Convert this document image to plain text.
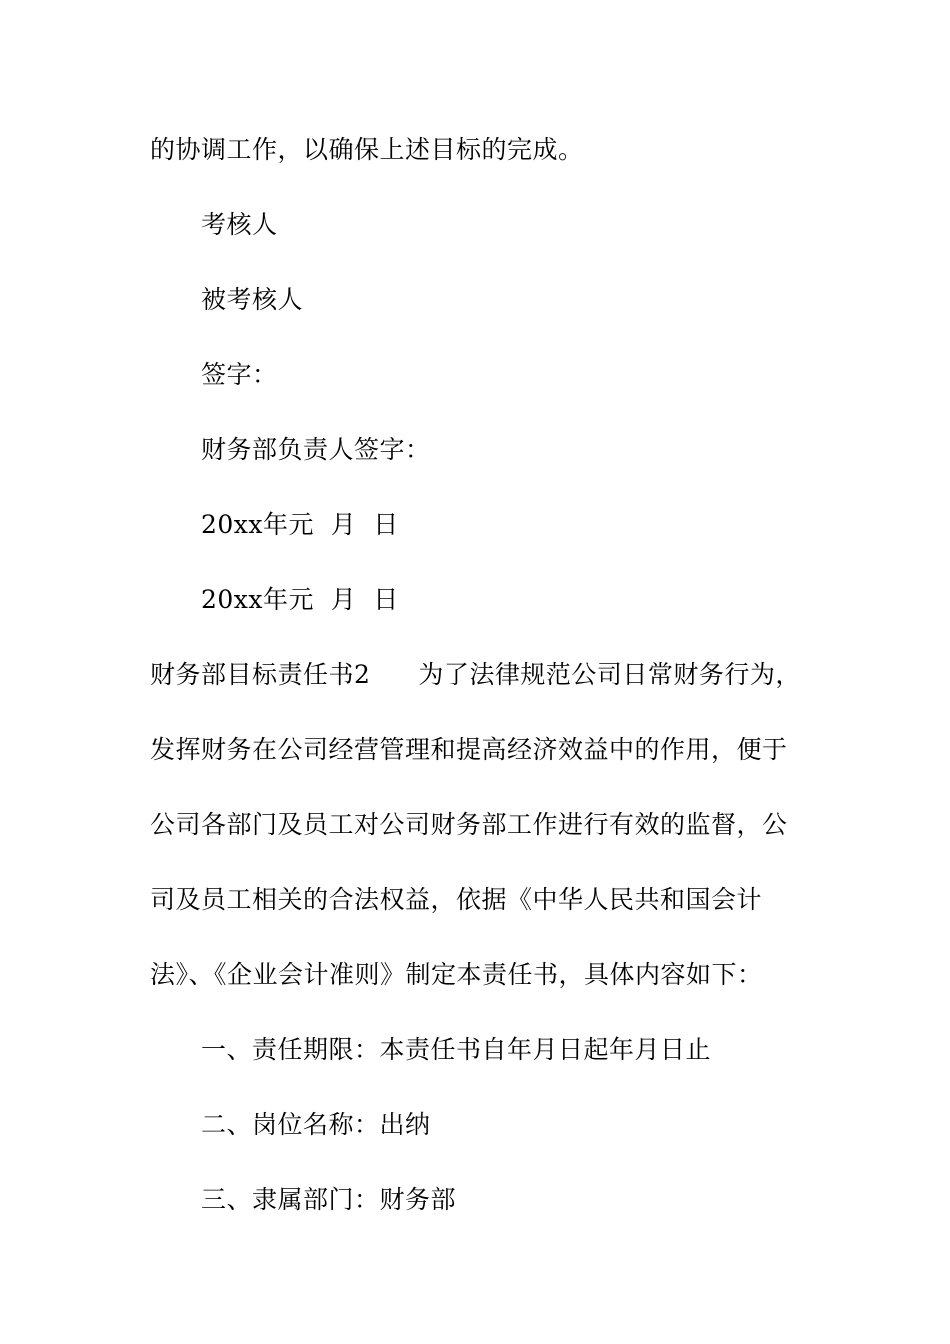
的协调工作，以确保上述目标的完成。
考核人
被考核人
签字：
财务部负责人签字：
20xx年元  月  日
20xx年元  月  日
财务部目标责任书2 为了法律规范公司日常财务行为，
发挥财务在公司经营管理和提高经济效益中的作用，便于
公司各部门及员工对公司财务部工作进行有效的监督，公
司及员工相关的合法权益，依据《中华人民共和国会计
法》、《企业会计准则》制定本责任书，具体内容如下：
一、责任期限：本责任书自年月日起年月日止
二、岗位名称：出纳
三、隶属部门：财务部
